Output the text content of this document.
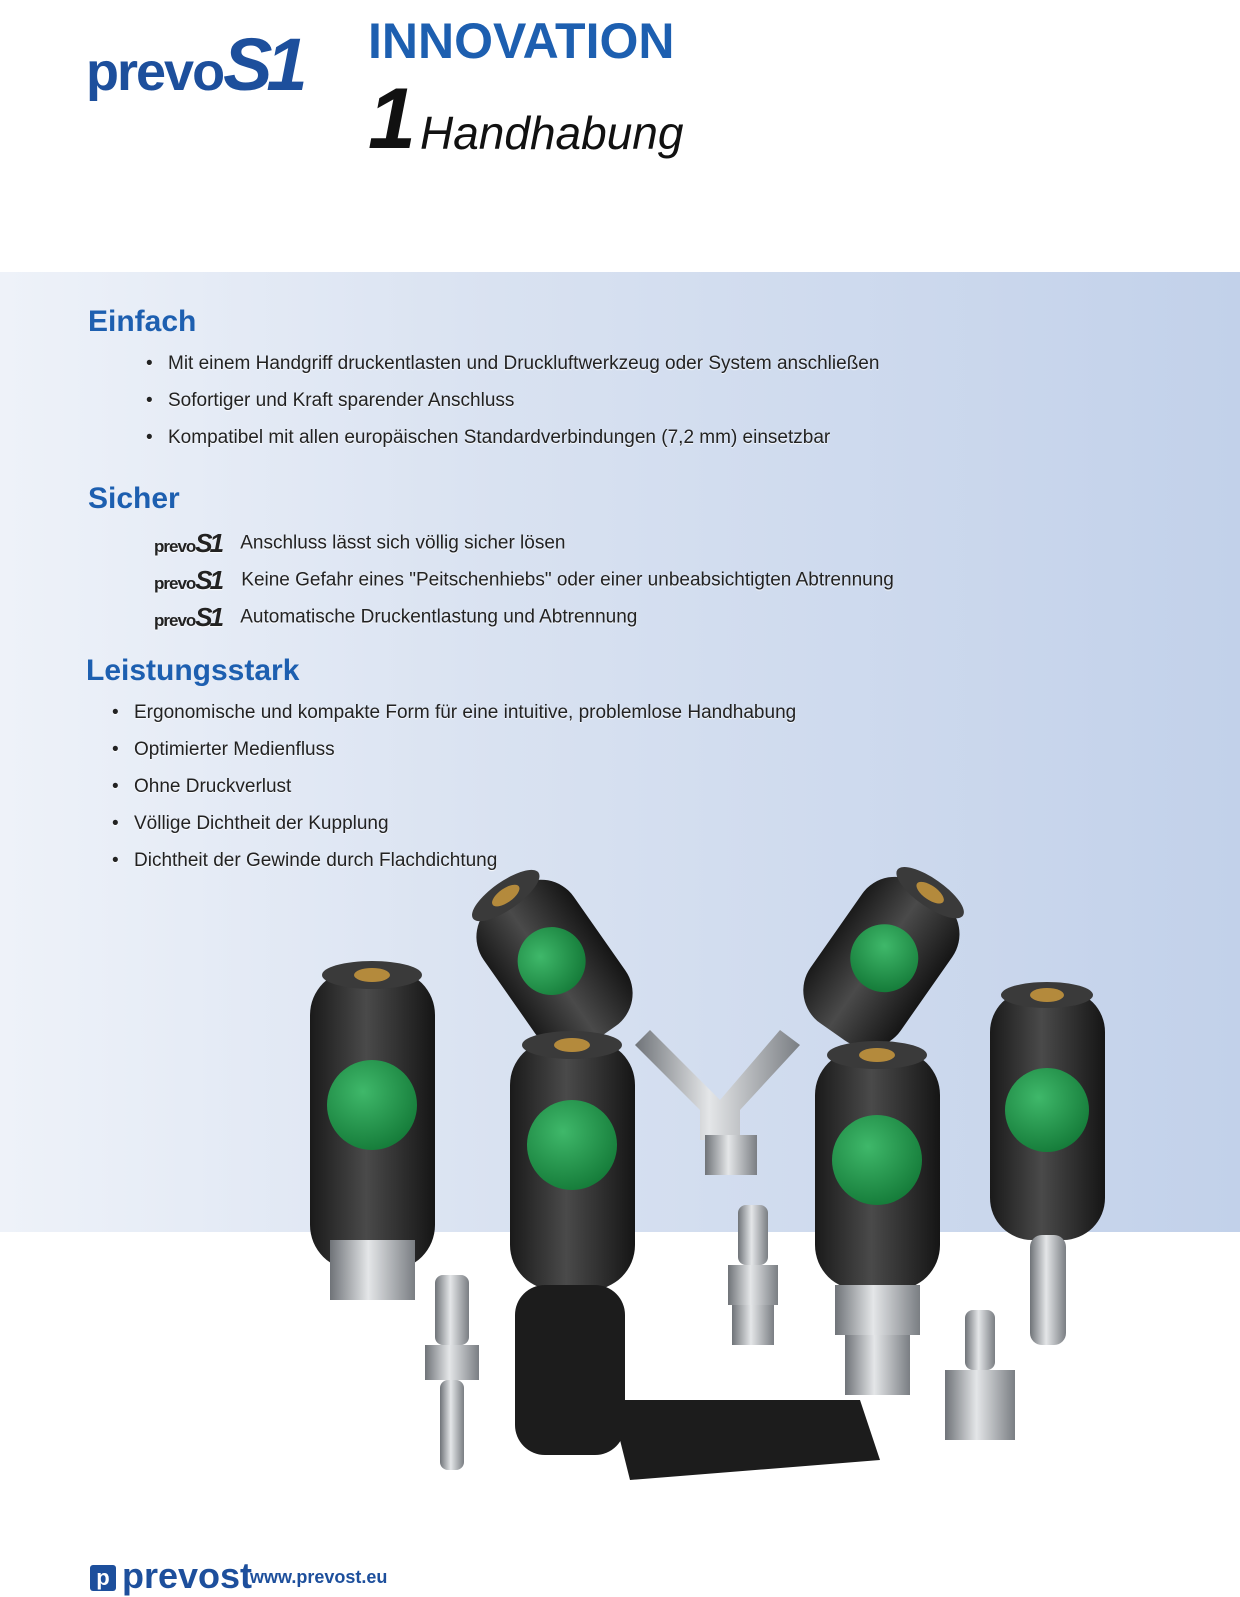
prevoS1 INNOVATION
1 Handhabung
Einfach
• Mit einem Handgriff druckentlasten und Druckluftwerkzeug oder System anschließen
• Sofortiger und Kraft sparender Anschluss
• Kompatibel mit allen europäischen Standardverbindungen (7,2 mm) einsetzbar
Sicher
prevoS1 Anschluss lässt sich völlig sicher lösen
prevoS1 Keine Gefahr eines "Peitschenhiebs" oder einer unbeabsichtigten Abtrennung
prevoS1 Automatische Druckentlastung und Abtrennung
Leistungsstark
• Ergonomische und kompakte Form für eine intuitive, problemlose Handhabung
• Optimierter Medienfluss
• Ohne Druckverlust
• Völlige Dichtheit der Kupplung
• Dichtheit der Gewinde durch Flachdichtung
p prevost
www.prevost.eu
